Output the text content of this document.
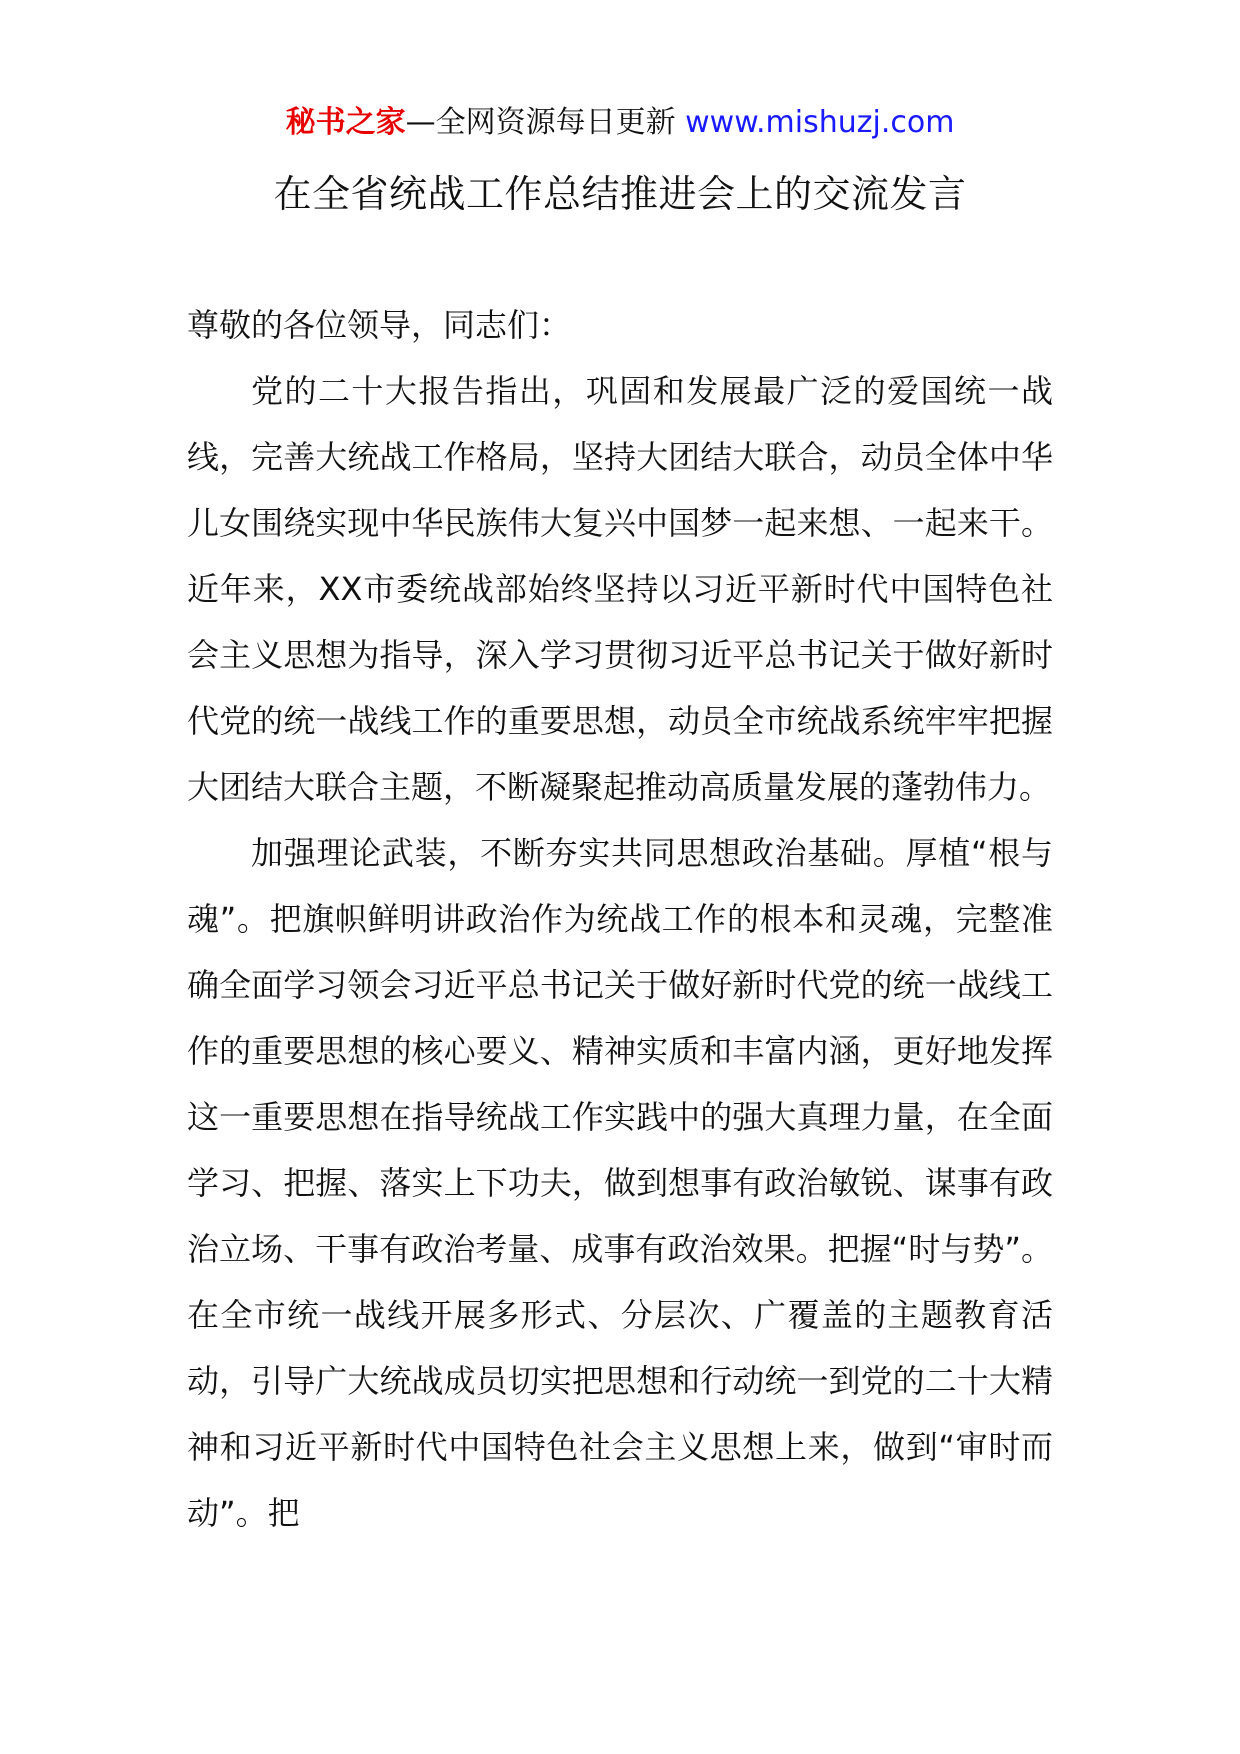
秘书之家—全网资源每日更新 www.mishuzj.com
在全省统战工作总结推进会上的交流发言

尊敬的各位领导，同志们：

党的二十大报告指出，巩固和发展最广泛的爱国统一战线，完善大统战工作格局，坚持大团结大联合，动员全体中华儿女围绕实现中华民族伟大复兴中国梦一起来想、一起来干。近年来，XX市委统战部始终坚持以习近平新时代中国特色社会主义思想为指导，深入学习贯彻习近平总书记关于做好新时代党的统一战线工作的重要思想，动员全市统战系统牢牢把握大团结大联合主题，不断凝聚起推动高质量发展的蓬勃伟力。

加强理论武装，不断夯实共同思想政治基础。厚植“根与魂”。把旗帜鲜明讲政治作为统战工作的根本和灵魂，完整准确全面学习领会习近平总书记关于做好新时代党的统一战线工作的重要思想的核心要义、精神实质和丰富内涵，更好地发挥这一重要思想在指导统战工作实践中的强大真理力量，在全面学习、把握、落实上下功夫，做到想事有政治敏锐、谋事有政治立场、干事有政治考量、成事有政治效果。把握“时与势”。在全市统一战线开展多形式、分层次、广覆盖的主题教育活动，引导广大统战成员切实把思想和行动统一到党的二十大精神和习近平新时代中国特色社会主义思想上来，做到“审时而动”。把
